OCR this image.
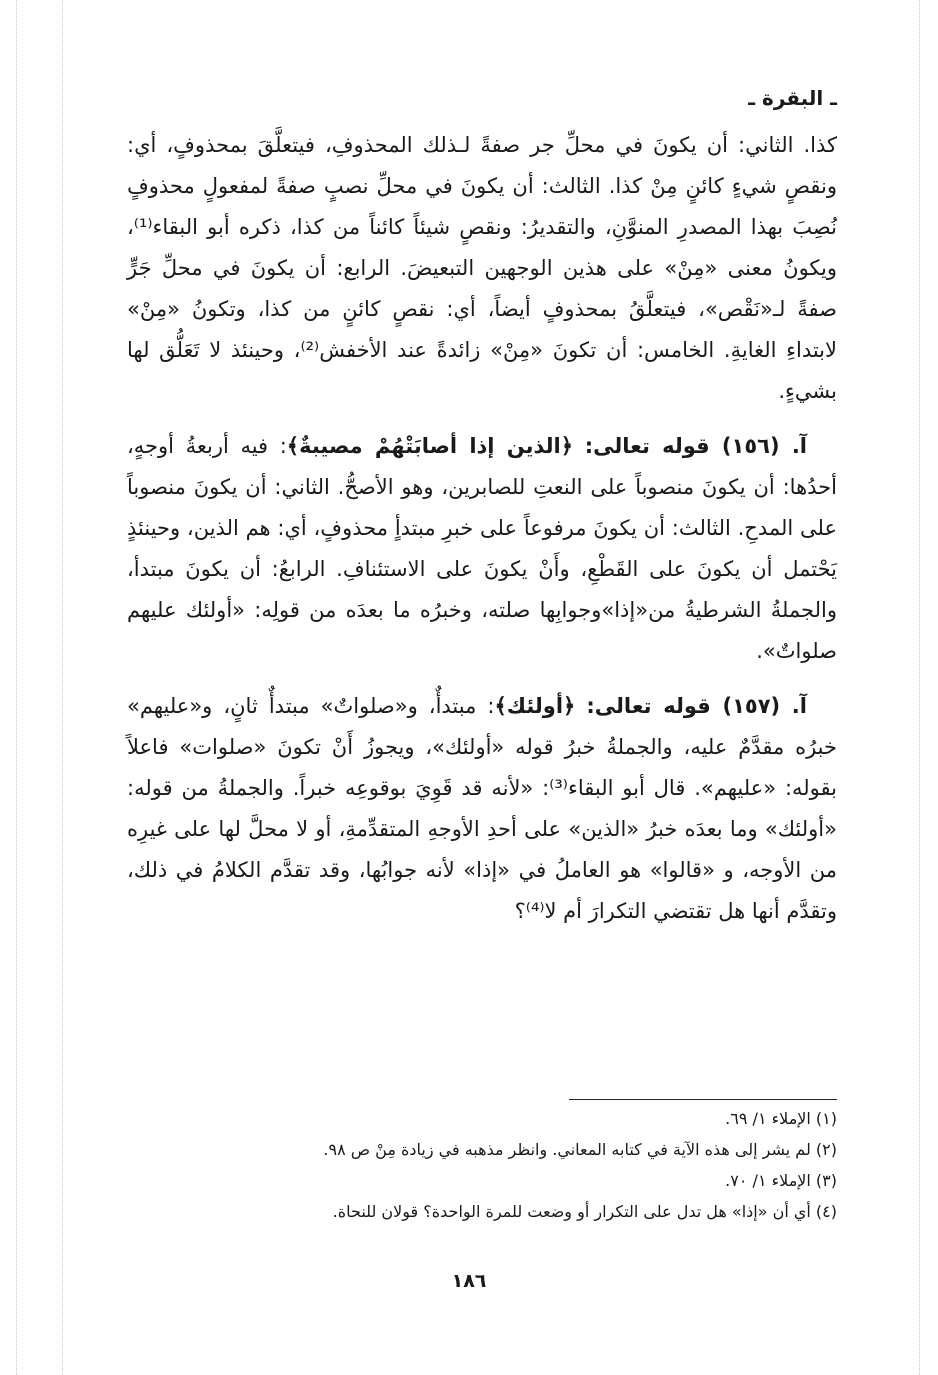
ـ البقرة ـ

كذا. الثاني: أن يكونَ في محلِّ جر صفةً لـذلك المحذوفِ، فيتعلَّقَ بمحذوفٍ، أي: ونقصٍ شيءٍ كائنٍ مِنْ كذا. الثالث: أن يكونَ في محلِّ نصبٍ صفةً لمفعولٍ محذوفٍ نُصِبَ بهذا المصدرِ المنوَّنِ، والتقديرُ: ونقصٍ شيئاً كائناً من كذا، ذكره أبو البقاء⁽¹⁾، ويكونُ معنى «مِنْ» على هذين الوجهين التبعيضَ. الرابع: أن يكونَ في محلِّ جَرٍّ صفةً لـ«نَقْص»، فيتعلَّقُ بمحذوفٍ أيضاً، أي: نقصٍ كائنٍ من كذا، وتكونُ «مِنْ» لابتداءِ الغايةِ. الخامس: أن تكونَ «مِنْ» زائدةً عند الأخفش⁽²⁾، وحينئذ لا تَعَلُّق لها بشيءٍ.

آ. (١٥٦) قوله تعالى: ﴿الذين إذا أصابَتْهُمْ مصيبةٌ﴾: فيه أربعةُ أوجهٍ، أحدُها: أن يكونَ منصوباً على النعتِ للصابرين، وهو الأصحُّ. الثاني: أن يكونَ منصوباً على المدحِ. الثالث: أن يكونَ مرفوعاً على خبرِ مبتدأٍ محذوفٍ، أي: هم الذين، وحينئذٍ يَحْتمل أن يكونَ على القَطْعِ، وأَنْ يكونَ على الاستئنافِ. الرابعُ: أن يكونَ مبتدأ، والجملةُ الشرطيةُ من«إذا»وجوابِها صلته، وخبرُه ما بعدَه من قولِه: «أولئك عليهم صلواتٌ».

آ. (١٥٧) قوله تعالى: ﴿أولئك﴾: مبتدأٌ، و«صلواتٌ» مبتدأٌ ثانٍ، و«عليهم» خبرُه مقدَّمٌ عليه، والجملةُ خبرُ قوله «أولئك»، ويجوزُ أَنْ تكونَ «صلوات» فاعلاً بقوله: «عليهم». قال أبو البقاء⁽³⁾: «لأنه قد قَوِيَ بوقوعِه خبراً. والجملةُ من قوله: «أولئك» وما بعدَه خبرُ «الذين» على أحدِ الأوجهِ المتقدِّمةِ، أو لا محلَّ لها على غيرِه من الأوجه، و «قالوا» هو العاملُ في «إذا» لأنه جوابُها، وقد تقدَّم الكلامُ في ذلك، وتقدَّم أنها هل تقتضي التكرارَ أم لا⁽⁴⁾؟

(١) الإملاء ١/ ٦٩.

(٢) لم يشر إلى هذه الآية في كتابه المعاني. وانظر مذهبه في زيادة مِنْ ص ٩٨.

(٣) الإملاء ١/ ٧٠.

(٤) أي أن «إذا» هل تدل على التكرار أو وضعت للمرة الواحدة؟ قولان للنحاة.

١٨٦
